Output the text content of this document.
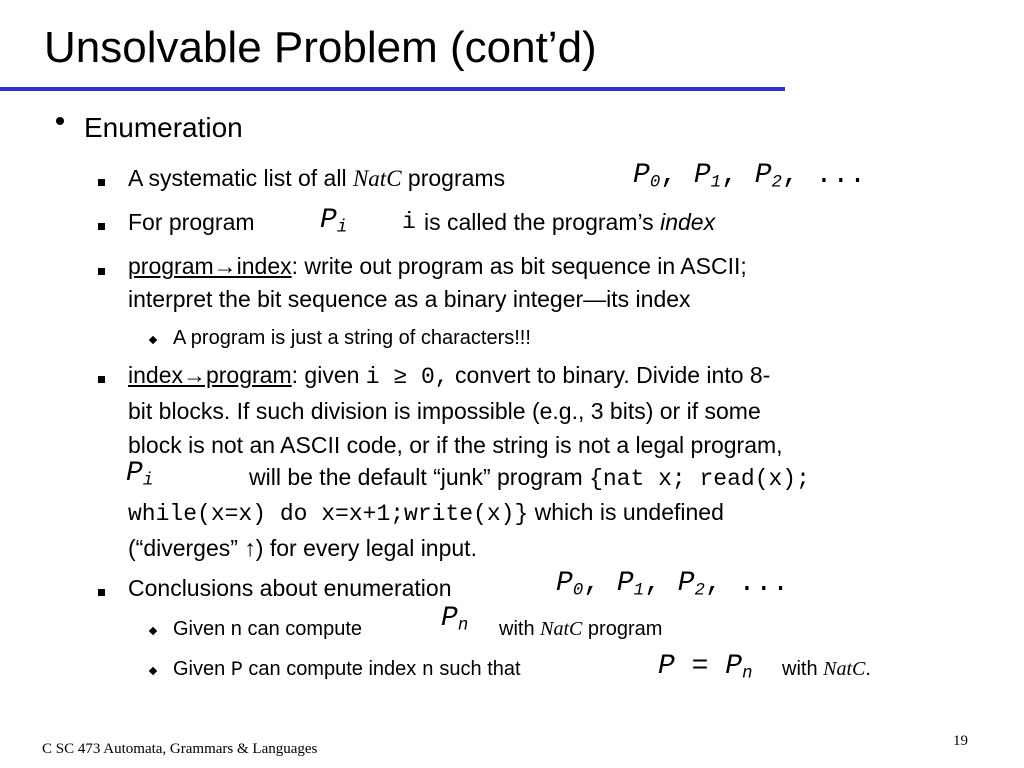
Unsolvable Problem (cont’d)
Enumeration
A systematic list of all NatC programs	$P_0$, $P_1$, $P_2$, ...
For program $P_i$ i is called the program’s index
program→index: write out program as bit sequence in ASCII;
interpret the bit sequence as a binary integer—its index
A program is just a string of characters!!!
index→program: given i ≥ 0, convert to binary. Divide into 8-
bit blocks. If such division is impossible (e.g., 3 bits) or if some
block is not an ASCII code, or if the string is not a legal program,
$P_i$	will be the default “junk” program {nat x; read(x);
while(x=x) do x=x+1;write(x)} which is undefined
(“diverges” ↑) for every legal input.
Conclusions about enumeration	$P_0$, $P_1$, $P_2$, ...
Given n can compute	$P_n$ with NatC program
Given P can compute index n such that	$P = P_n$ with NatC.
C SC 473 Automata, Grammars & Languages	19
